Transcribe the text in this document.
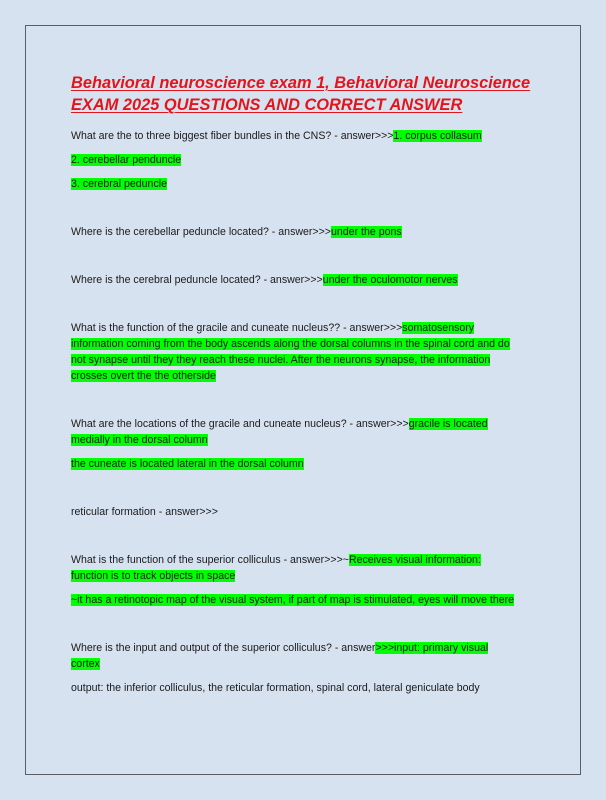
Behavioral neuroscience exam 1, Behavioral Neuroscience
EXAM 2025 QUESTIONS AND CORRECT ANSWER

What are the to three biggest fiber bundles in the CNS? - answer>>>1. corpus collasum

2. cerebellar penduncle

3. cerebral peduncle

Where is the cerebellar peduncle located? - answer>>>under the pons

Where is the cerebral peduncle located? - answer>>>under the oculomotor nerves

What is the function of the gracile and cuneate nucleus?? - answer>>>somatosensory
information coming from the body ascends along the dorsal columns in the spinal cord and do
not synapse until they they reach these nuclei. After the neurons synapse, the information
crosses overt the the otherside
What are the locations of the gracile and cuneate nucleus? - answer>>>gracile is located
medially in the dorsal column

the cuneate is located lateral in the dorsal column

reticular formation - answer>>>

What is the function of the superior colliculus - answer>>>~Receives visual information:
function is to track objects in space

~it has a retinotopic map of the visual system, if part of map is stimulated, eyes will move there

Where is the input and output of the superior colliculus? - answer>>>input: primary visual
cortex

output: the inferior colliculus, the reticular formation, spinal cord, lateral geniculate body
